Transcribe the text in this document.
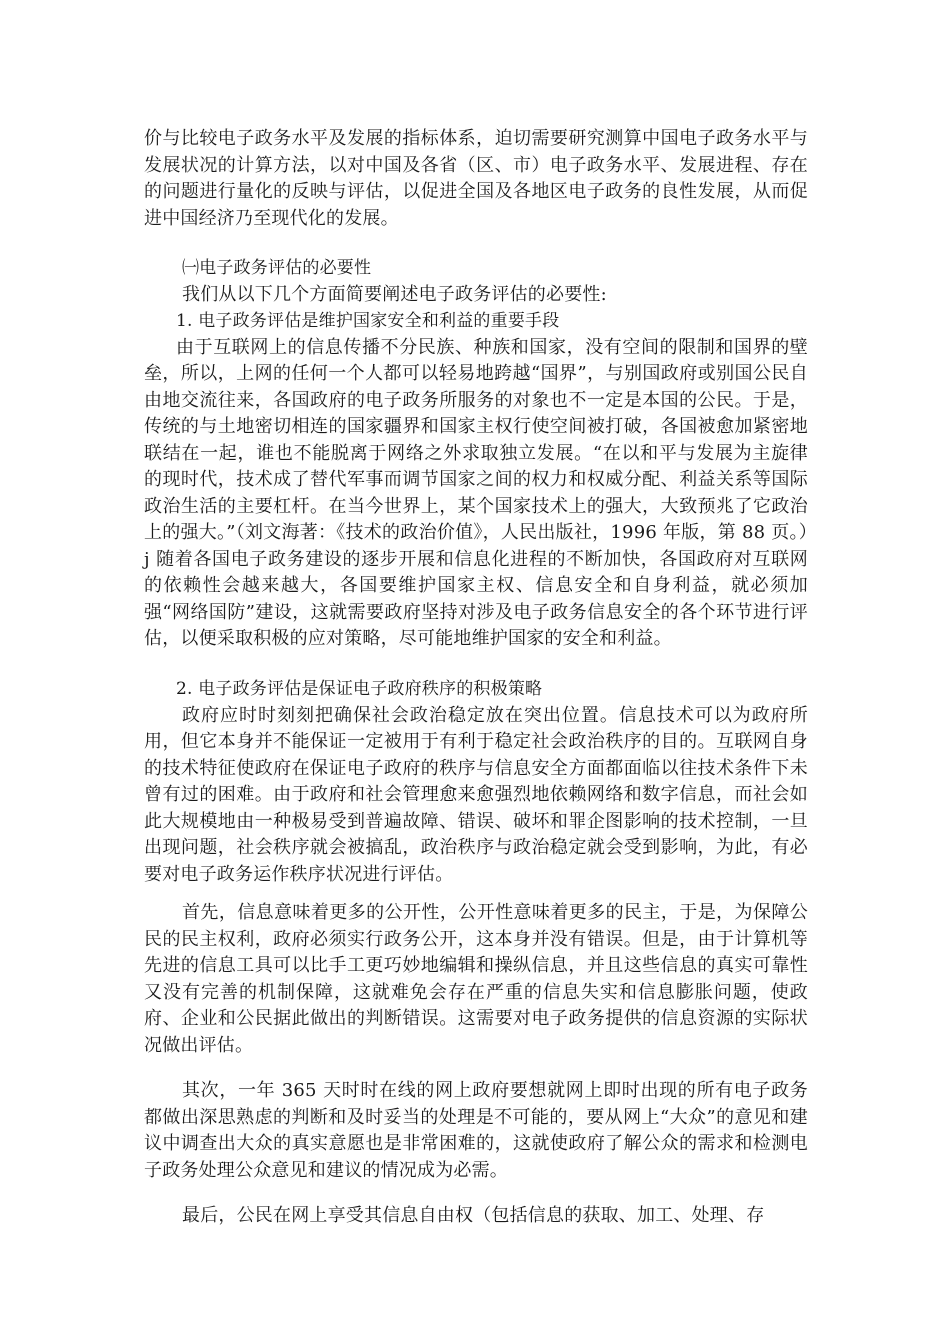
价与比较电子政务水平及发展的指标体系，迫切需要研究测算中国电子政务水平与发展状况的计算方法，以对中国及各省（区、市）电子政务水平、发展进程、存在的问题进行量化的反映与评估，以促进全国及各地区电子政务的良性发展，从而促进中国经济乃至现代化的发展。

㈠电子政务评估的必要性

我们从以下几个方面简要阐述电子政务评估的必要性:

1. 电子政务评估是维护国家安全和利益的重要手段

由于互联网上的信息传播不分民族、种族和国家，没有空间的限制和国界的壁垒，所以，上网的任何一个人都可以轻易地跨越“国界”，与别国政府或别国公民自由地交流往来，各国政府的电子政务所服务的对象也不一定是本国的公民。于是，传统的与土地密切相连的国家疆界和国家主权行使空间被打破，各国被愈加紧密地联结在一起，谁也不能脱离于网络之外求取独立发展。“在以和平与发展为主旋律的现时代，技术成了替代军事而调节国家之间的权力和权威分配、利益关系等国际政治生活的主要杠杆。在当今世界上，某个国家技术上的强大，大致预兆了它政治上的强大。”（刘文海著：《技术的政治价值》，人民出版社，1996 年版，第 88 页。）j 随着各国电子政务建设的逐步开展和信息化进程的不断加快，各国政府对互联网的依赖性会越来越大，各国要维护国家主权、信息安全和自身利益，就必须加强“网络国防”建设，这就需要政府坚持对涉及电子政务信息安全的各个环节进行评估，以便采取积极的应对策略，尽可能地维护国家的安全和利益。

2. 电子政务评估是保证电子政府秩序的积极策略

政府应时时刻刻把确保社会政治稳定放在突出位置。信息技术可以为政府所用，但它本身并不能保证一定被用于有利于稳定社会政治秩序的目的。互联网自身的技术特征使政府在保证电子政府的秩序与信息安全方面都面临以往技术条件下未曾有过的困难。由于政府和社会管理愈来愈强烈地依赖网络和数字信息，而社会如此大规模地由一种极易受到普遍故障、错误、破坏和罪企图影响的技术控制，一旦出现问题，社会秩序就会被搞乱，政治秩序与政治稳定就会受到影响，为此，有必要对电子政务运作秩序状况进行评估。

首先，信息意味着更多的公开性，公开性意味着更多的民主，于是，为保障公民的民主权利，政府必须实行政务公开，这本身并没有错误。但是，由于计算机等先进的信息工具可以比手工更巧妙地编辑和操纵信息，并且这些信息的真实可靠性又没有完善的机制保障，这就难免会存在严重的信息失实和信息膨胀问题，使政府、企业和公民据此做出的判断错误。这需要对电子政务提供的信息资源的实际状况做出评估。

其次，一年 365 天时时在线的网上政府要想就网上即时出现的所有电子政务都做出深思熟虑的判断和及时妥当的处理是不可能的，要从网上“大众”的意见和建议中调查出大众的真实意愿也是非常困难的，这就使政府了解公众的需求和检测电子政务处理公众意见和建议的情况成为必需。

最后，公民在网上享受其信息自由权（包括信息的获取、加工、处理、存
